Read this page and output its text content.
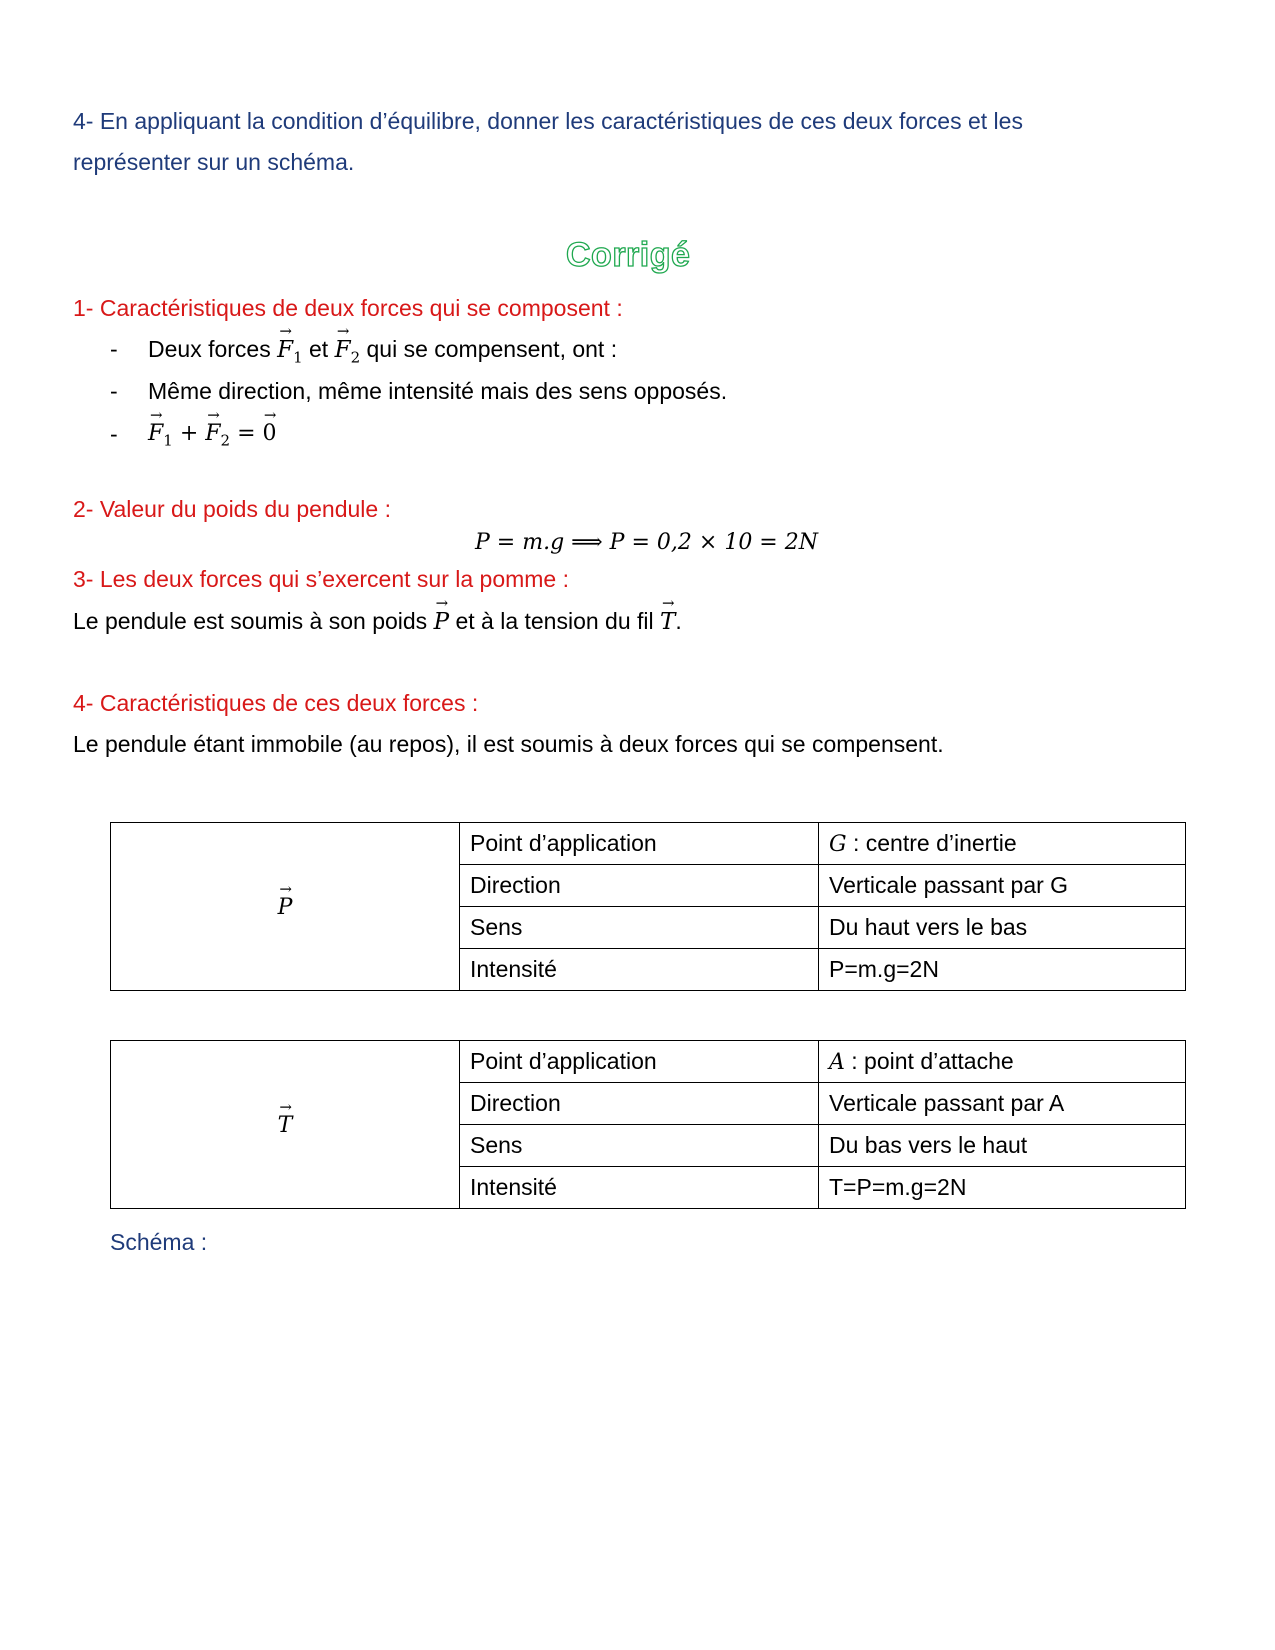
4- En appliquant la condition d’équilibre, donner les caractéristiques de ces deux forces et les
représenter sur un schéma.
Corrigé
1- Caractéristiques de deux forces qui se composent :
- Deux forces → $F_1$ et → $F_2$ qui se compensent, ont :
- Même direction, même intensité mais des sens opposés.
- → $F_1$ + → $F_2$ = → 0
2- Valeur du poids du pendule :
P = m.g ⟹ P = 0,2 × 10 = 2N
3- Les deux forces qui s’exercent sur la pomme :
Le pendule est soumis à son poids → P et à la tension du fil → T.
4- Caractéristiques de ces deux forces :
Le pendule étant immobile (au repos), il est soumis à deux forces qui se compensent.
→ P	Point d’application	G : centre d’inertie
	Direction	Verticale passant par G
	Sens	Du haut vers le bas
	Intensité	P=m.g=2N
→ T	Point d’application	A : point d’attache
	Direction	Verticale passant par A
	Sens	Du bas vers le haut
	Intensité	T=P=m.g=2N
Schéma :
